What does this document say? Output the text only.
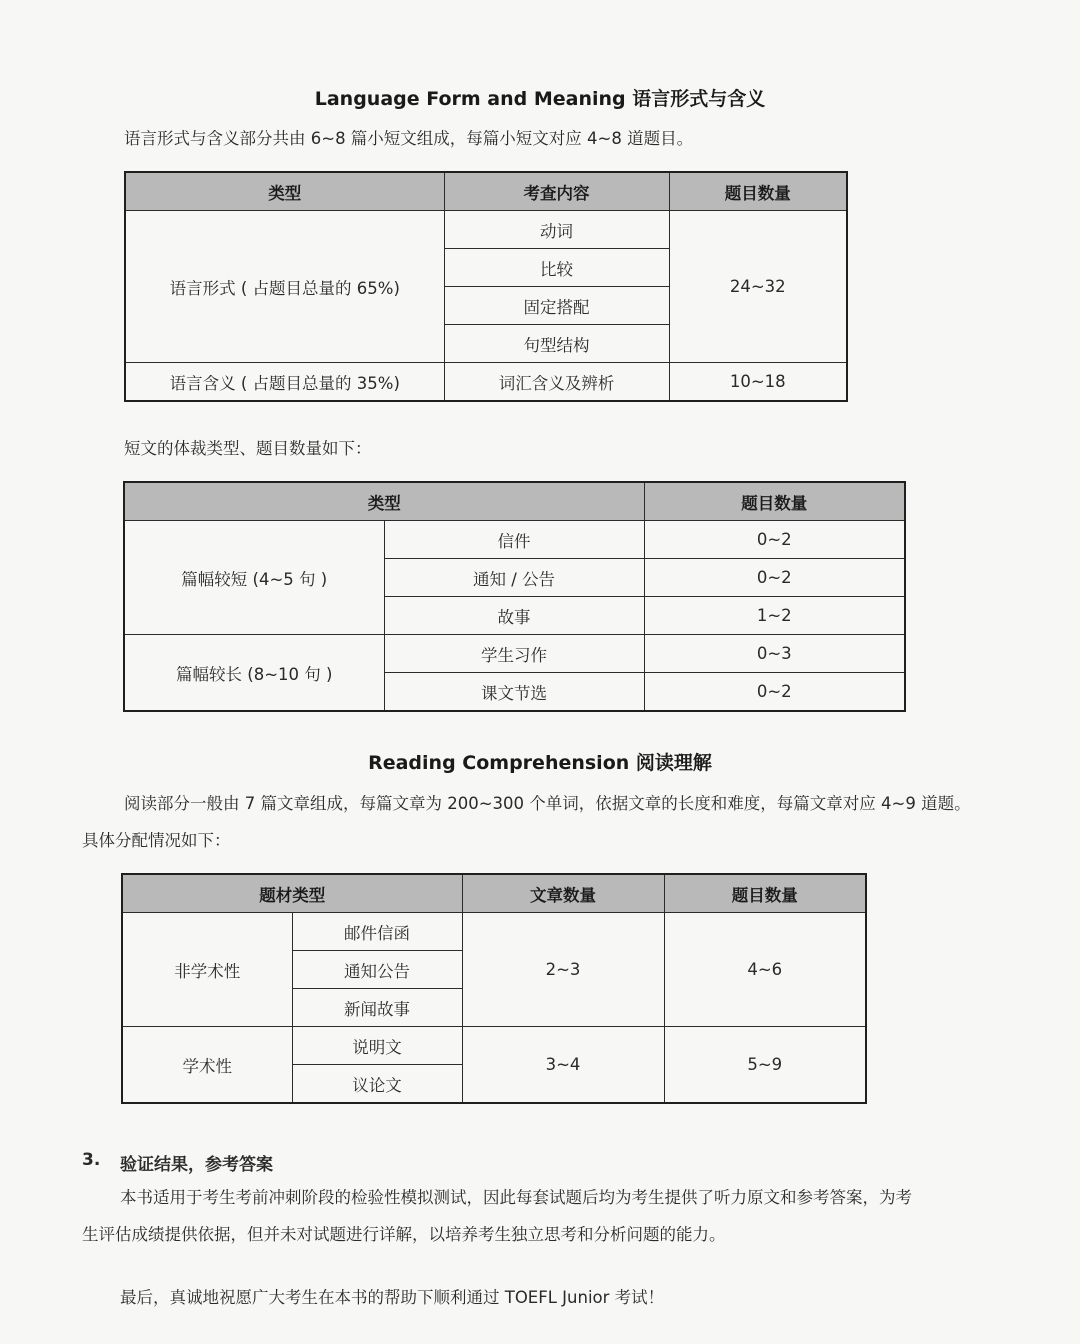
Language Form and Meaning 语言形式与含义
语言形式与含义部分共由 6~8 篇小短文组成，每篇小短文对应 4~8 道题目。
类型	考查内容	题目数量
语言形式 ( 占题目总量的 65%)	动词	24~32
	比较	
	固定搭配	
	句型结构	
语言含义 ( 占题目总量的 35%)	词汇含义及辨析	10~18
短文的体裁类型、题目数量如下：
类型		题目数量
篇幅较短 (4~5 句 )	信件	0~2
	通知 / 公告	0~2
	故事	1~2
篇幅较长 (8~10 句 )	学生习作	0~3
	课文节选	0~2
Reading Comprehension 阅读理解
阅读部分一般由 7 篇文章组成，每篇文章为 200~300 个单词，依据文章的长度和难度，每篇文章对应 4~9 道题。
具体分配情况如下：
题材类型		文章数量	题目数量
非学术性	邮件信函	2~3	4~6
	通知公告		
	新闻故事		
学术性	说明文	3~4	5~9
	议论文		
3. 验证结果，参考答案
本书适用于考生考前冲刺阶段的检验性模拟测试，因此每套试题后均为考生提供了听力原文和参考答案，为考
生评估成绩提供依据，但并未对试题进行详解，以培养考生独立思考和分析问题的能力。
最后，真诚地祝愿广大考生在本书的帮助下顺利通过 TOEFL Junior 考试！
